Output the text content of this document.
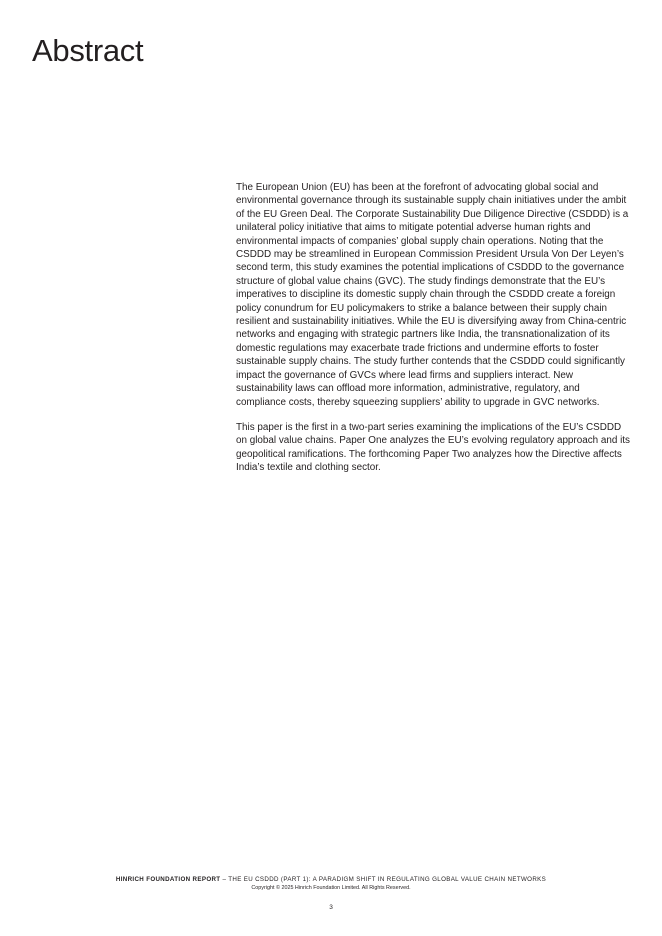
Abstract

The European Union (EU) has been at the forefront of advocating global social and environmental governance through its sustainable supply chain initiatives under the ambit of the EU Green Deal. The Corporate Sustainability Due Diligence Directive (CSDDD) is a unilateral policy initiative that aims to mitigate potential adverse human rights and environmental impacts of companies’ global supply chain operations. Noting that the CSDDD may be streamlined in European Commission President Ursula Von Der Leyen’s second term, this study examines the potential implications of CSDDD to the governance structure of global value chains (GVC). The study findings demonstrate that the EU’s imperatives to discipline its domestic supply chain through the CSDDD create a foreign policy conundrum for EU policymakers to strike a balance between their supply chain resilient and sustainability initiatives. While the EU is diversifying away from China-centric networks and engaging with strategic partners like India, the transnationalization of its domestic regulations may exacerbate trade frictions and undermine efforts to foster sustainable supply chains. The study further contends that the CSDDD could significantly impact the governance of GVCs where lead firms and suppliers interact. New sustainability laws can offload more information, administrative, regulatory, and compliance costs, thereby squeezing suppliers’ ability to upgrade in GVC networks.

This paper is the first in a two-part series examining the implications of the EU’s CSDDD on global value chains. Paper One analyzes the EU’s evolving regulatory approach and its geopolitical ramifications. The forthcoming Paper Two analyzes how the Directive affects India’s textile and clothing sector.

HINRICH FOUNDATION REPORT – THE EU CSDDD (PART 1): A PARADIGM SHIFT IN REGULATING GLOBAL VALUE CHAIN NETWORKS
Copyright © 2025 Hinrich Foundation Limited. All Rights Reserved.
3
